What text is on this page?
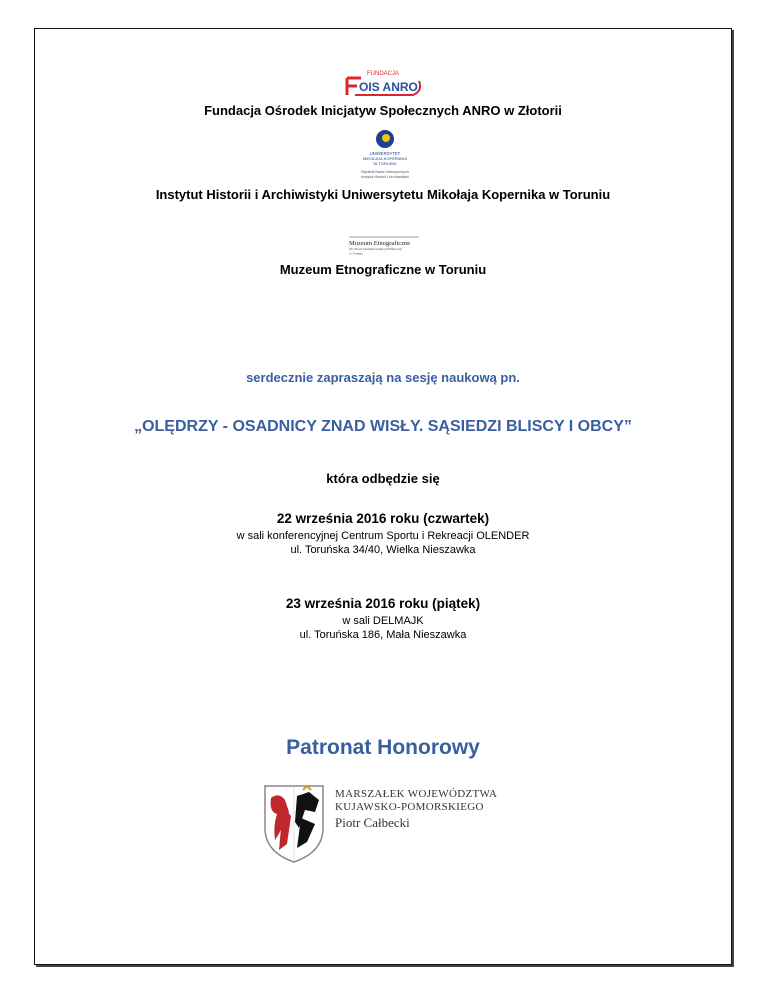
FUNDACJA
OIS ANRO
Fundacja Ośrodek Inicjatyw Społecznych ANRO w Złotorii
UNIWERSYTET
MIKOŁAJA KOPERNIKA
W TORUNIU
Wydział Nauk Historycznych
Instytut Historii i Archiwistyki
Instytut Historii i Archiwistyki Uniwersytetu Mikołaja Kopernika w Toruniu
Muzeum Etnograficzne
im. Marii Znamierowskiej-Prüfferowej
w Toruniu
Muzeum Etnograficzne w Toruniu
serdecznie zapraszają na sesję naukową pn.
„OLĘDRZY - OSADNICY ZNAD WISŁY. SĄSIEDZI BLISCY I OBCY”
która odbędzie się
22 września 2016 roku (czwartek)
w sali konferencyjnej Centrum Sportu i Rekreacji OLENDER
ul. Toruńska 34/40, Wielka Nieszawka
23 września 2016 roku (piątek)
w sali DELMAJK
ul. Toruńska 186, Mała Nieszawka
Patronat Honorowy
MARSZAŁEK WOJEWÓDZTWA
KUJAWSKO-POMORSKIEGO
Piotr Całbecki
